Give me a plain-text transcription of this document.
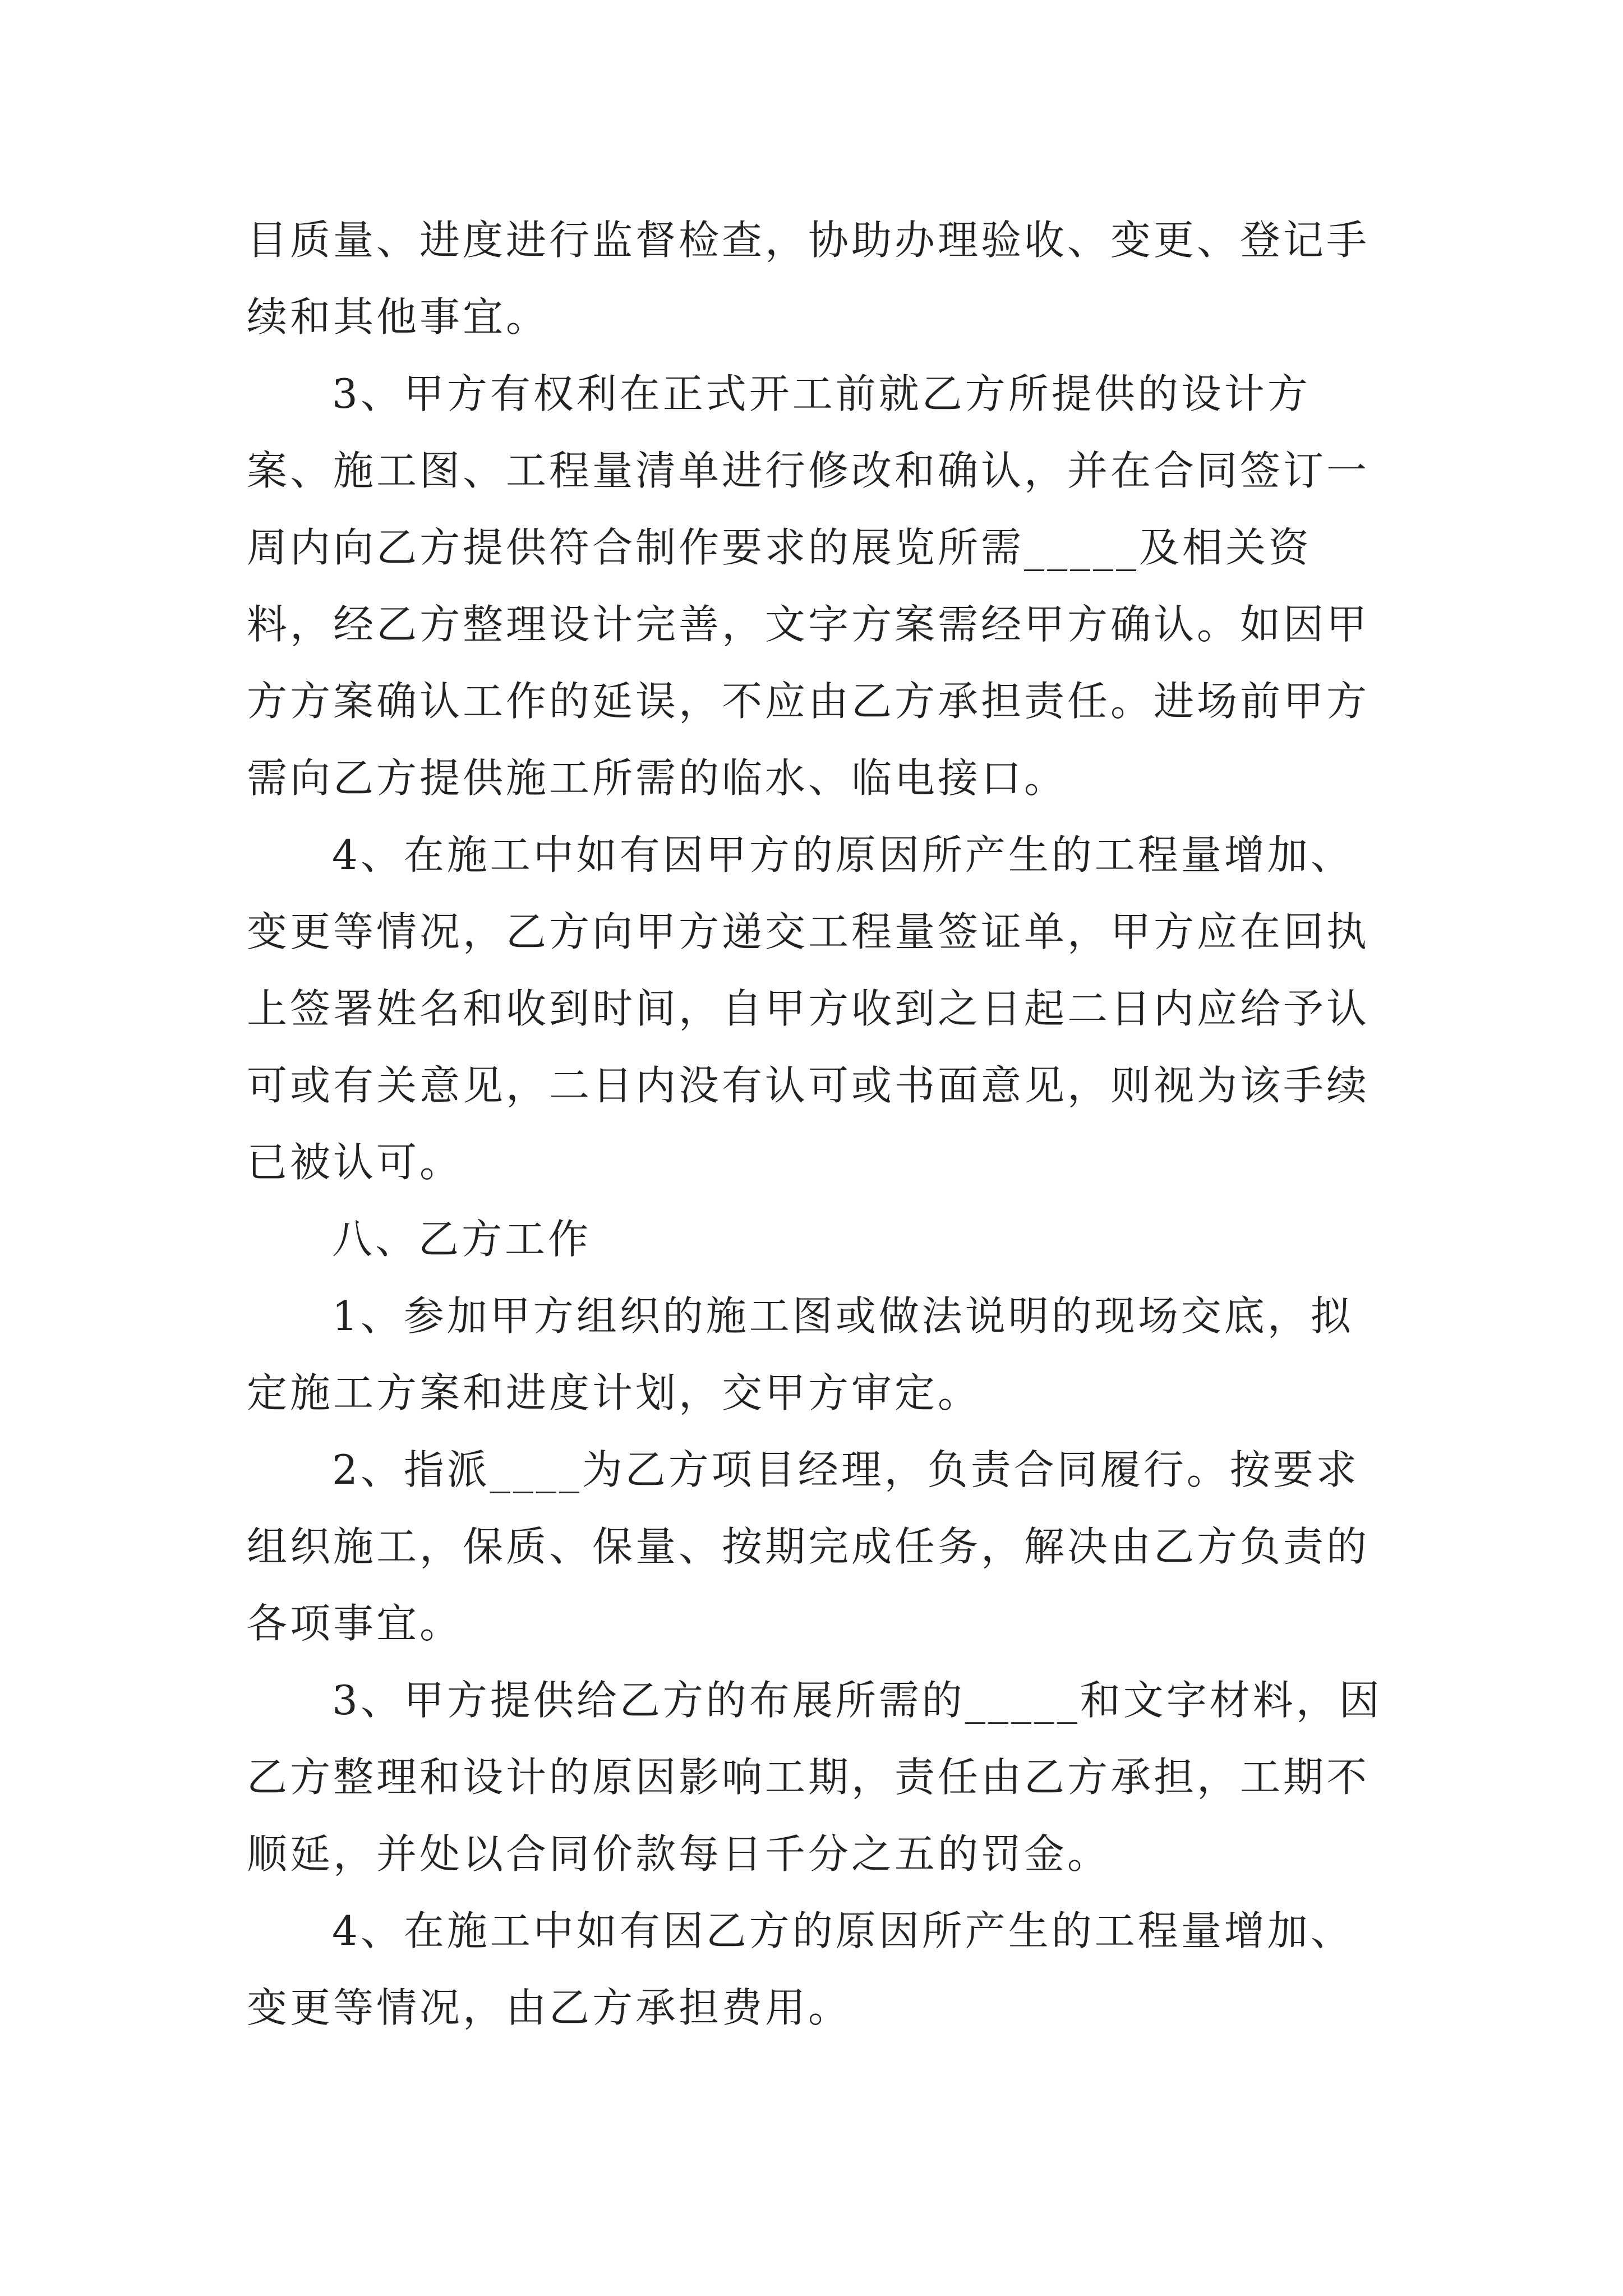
目质量、进度进行监督检查，协助办理验收、变更、登记手续和其他事宜。

3、甲方有权利在正式开工前就乙方所提供的设计方案、施工图、工程量清单进行修改和确认，并在合同签订一周内向乙方提供符合制作要求的展览所需_____及相关资料，经乙方整理设计完善，文字方案需经甲方确认。如因甲方方案确认工作的延误，不应由乙方承担责任。进场前甲方需向乙方提供施工所需的临水、临电接口。

4、在施工中如有因甲方的原因所产生的工程量增加、变更等情况，乙方向甲方递交工程量签证单，甲方应在回执上签署姓名和收到时间，自甲方收到之日起二日内应给予认可或有关意见，二日内没有认可或书面意见，则视为该手续已被认可。

八、乙方工作

1、参加甲方组织的施工图或做法说明的现场交底，拟定施工方案和进度计划，交甲方审定。

2、指派____为乙方项目经理，负责合同履行。按要求组织施工，保质、保量、按期完成任务，解决由乙方负责的各项事宜。

3、甲方提供给乙方的布展所需的_____和文字材料，因乙方整理和设计的原因影响工期，责任由乙方承担，工期不顺延，并处以合同价款每日千分之五的罚金。

4、在施工中如有因乙方的原因所产生的工程量增加、变更等情况，由乙方承担费用。
